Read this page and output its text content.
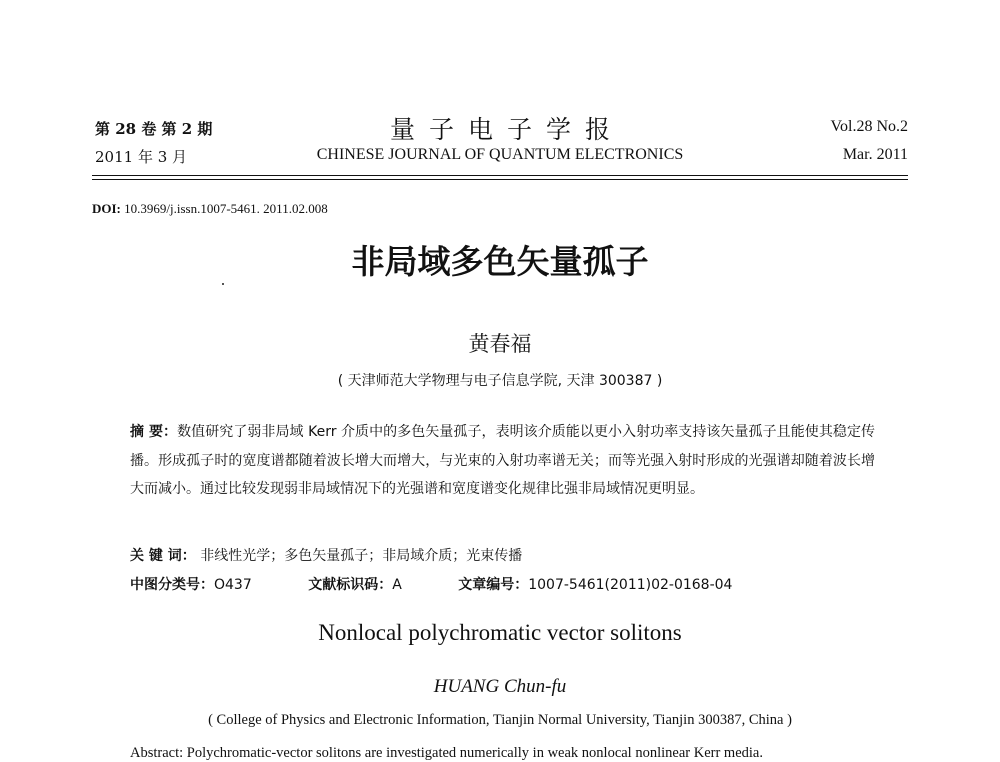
第 28 卷 第 2 期
2011 年 3 月
量子电子学报
CHINESE JOURNAL OF QUANTUM ELECTRONICS
Vol.28 No.2
Mar. 2011
DOI: 10.3969/j.issn.1007-5461. 2011.02.008
非局域多色矢量孤子
黄春福
( 天津师范大学物理与电子信息学院, 天津 300387 )
摘 要：数值研究了弱非局域 Kerr 介质中的多色矢量孤子，表明该介质能以更小入射功率支持该矢量孤子且能使其稳定传播。形成孤子时的宽度谱都随着波长增大而增大，与光束的入射功率谱无关；而等光强入射时形成的光强谱却随着波长增大而减小。通过比较发现弱非局域情况下的光强谱和宽度谱变化规律比强非局域情况更明显。
关 键 词： 非线性光学；多色矢量孤子；非局域介质；光束传播
中图分类号：O437	文献标识码：A	文章编号：1007-5461(2011)02-0168-04
Nonlocal polychromatic vector solitons
HUANG Chun-fu
( College of Physics and Electronic Information, Tianjin Normal University, Tianjin 300387, China )
Abstract: Polychromatic-vector solitons are investigated numerically in weak nonlocal nonlinear Kerr media.
